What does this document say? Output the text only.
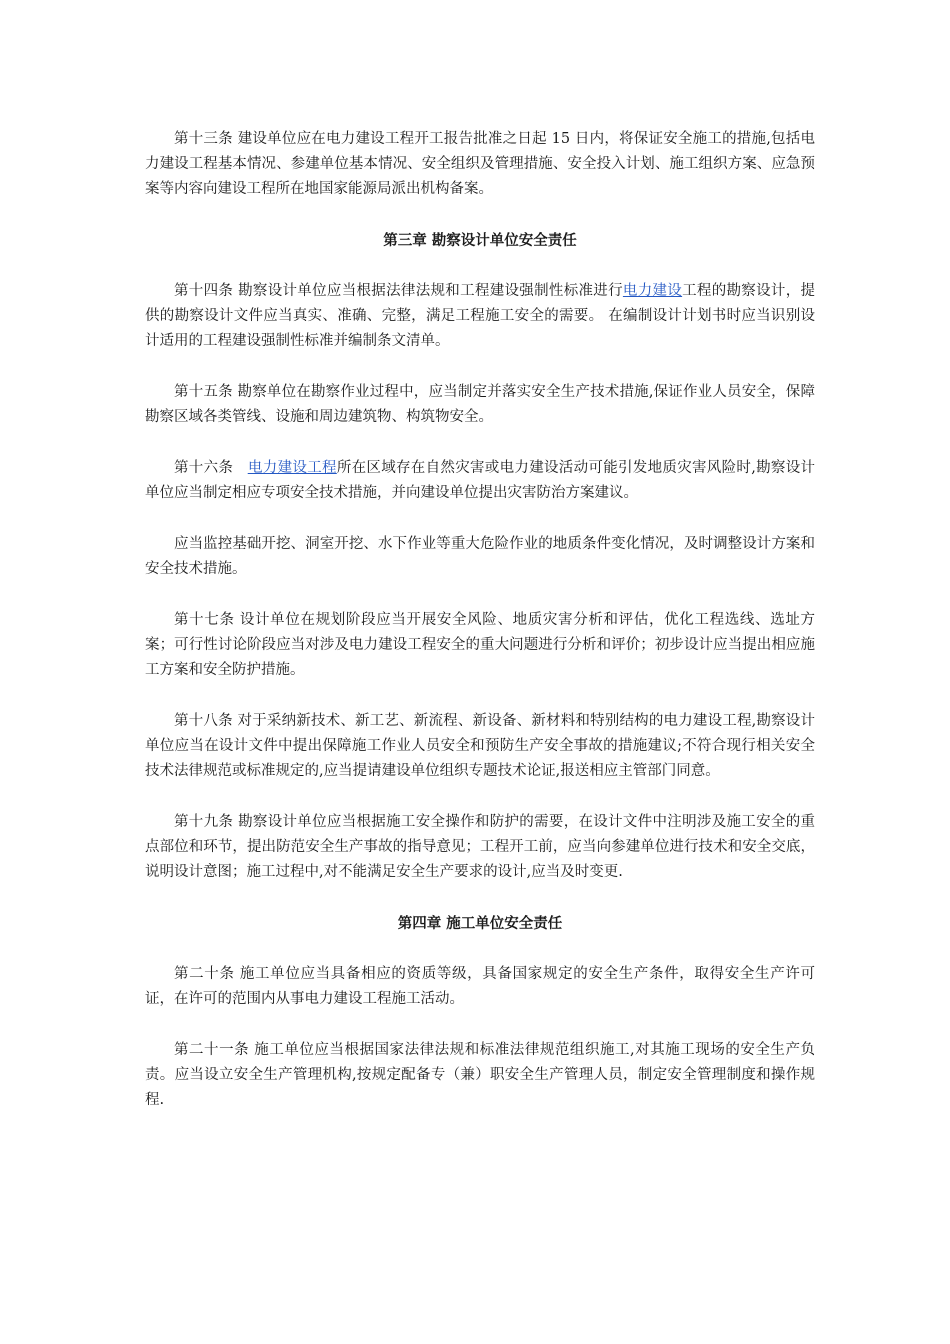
第十三条 建设单位应在电力建设工程开工报告批准之日起 15 日内，将保证安全施工的措施,包括电力建设工程基本情况、参建单位基本情况、安全组织及管理措施、安全投入计划、施工组织方案、应急预案等内容向建设工程所在地国家能源局派出机构备案。

第三章 勘察设计单位安全责任

第十四条 勘察设计单位应当根据法律法规和工程建设强制性标准进行电力建设工程的勘察设计，提供的勘察设计文件应当真实、准确、完整，满足工程施工安全的需要。 在编制设计计划书时应当识别设计适用的工程建设强制性标准并编制条文清单。

第十五条 勘察单位在勘察作业过程中，应当制定并落实安全生产技术措施,保证作业人员安全，保障勘察区域各类管线、设施和周边建筑物、构筑物安全。

第十六条 电力建设工程所在区域存在自然灾害或电力建设活动可能引发地质灾害风险时,勘察设计单位应当制定相应专项安全技术措施，并向建设单位提出灾害防治方案建议。

应当监控基础开挖、洞室开挖、水下作业等重大危险作业的地质条件变化情况，及时调整设计方案和安全技术措施。

第十七条 设计单位在规划阶段应当开展安全风险、地质灾害分析和评估，优化工程选线、选址方案；可行性讨论阶段应当对涉及电力建设工程安全的重大问题进行分析和评价；初步设计应当提出相应施工方案和安全防护措施。

第十八条 对于采纳新技术、新工艺、新流程、新设备、新材料和特别结构的电力建设工程,勘察设计单位应当在设计文件中提出保障施工作业人员安全和预防生产安全事故的措施建议;不符合现行相关安全技术法律规范或标准规定的,应当提请建设单位组织专题技术论证,报送相应主管部门同意。

第十九条 勘察设计单位应当根据施工安全操作和防护的需要，在设计文件中注明涉及施工安全的重点部位和环节，提出防范安全生产事故的指导意见；工程开工前，应当向参建单位进行技术和安全交底，说明设计意图；施工过程中,对不能满足安全生产要求的设计,应当及时变更.

第四章 施工单位安全责任

第二十条 施工单位应当具备相应的资质等级，具备国家规定的安全生产条件，取得安全生产许可证，在许可的范围内从事电力建设工程施工活动。

第二十一条 施工单位应当根据国家法律法规和标准法律规范组织施工,对其施工现场的安全生产负责。应当设立安全生产管理机构,按规定配备专（兼）职安全生产管理人员，制定安全管理制度和操作规程.
